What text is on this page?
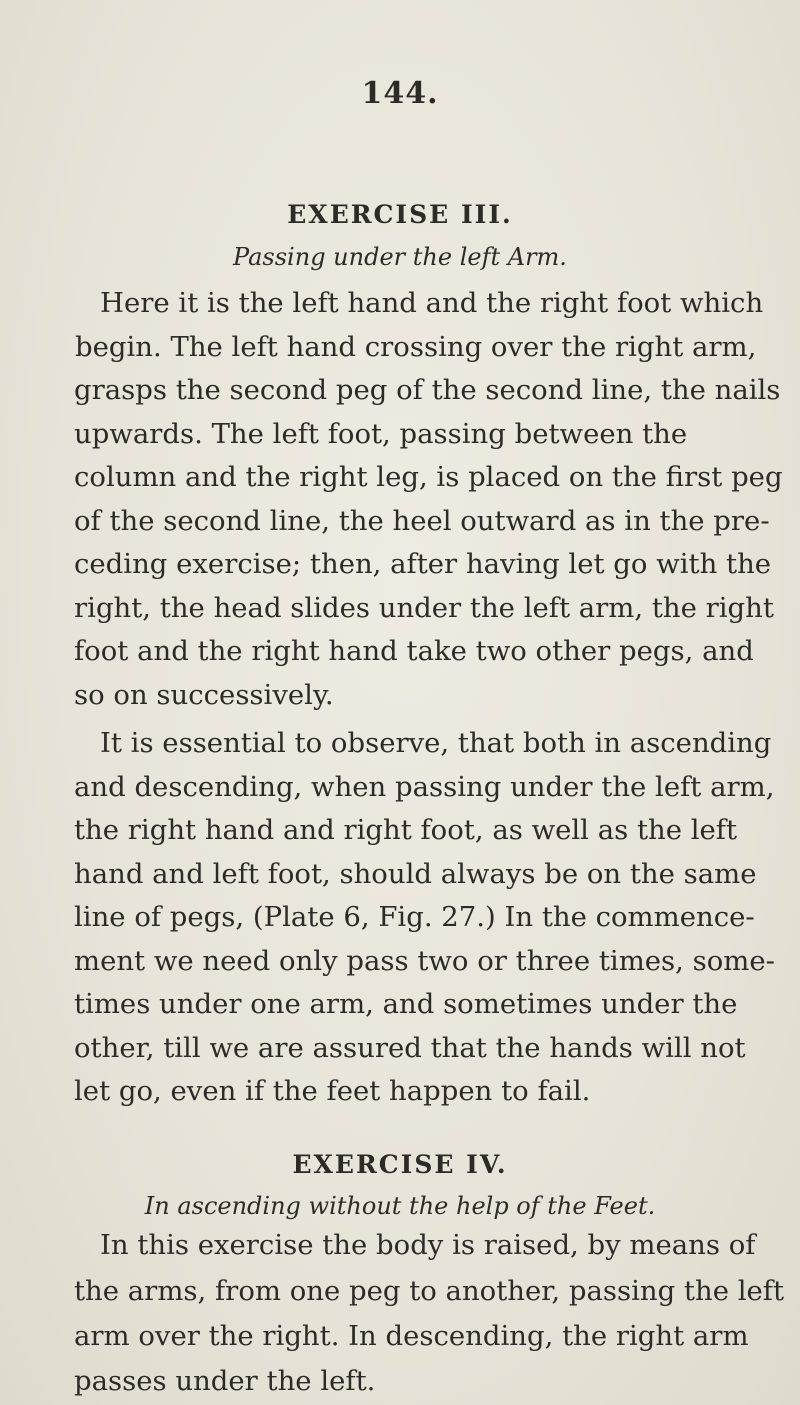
144.
EXERCISE III.
Passing under the left Arm.
Here it is the left hand and the right foot which
begin. The left hand crossing over the right arm,
grasps the second peg of the second line, the nails
upwards. The left foot, passing between the
column and the right leg, is placed on the first peg
of the second line, the heel outward as in the pre-
ceding exercise; then, after having let go with the
right, the head slides under the left arm, the right
foot and the right hand take two other pegs, and
so on successively.
It is essential to observe, that both in ascending
and descending, when passing under the left arm,
the right hand and right foot, as well as the left
hand and left foot, should always be on the same
line of pegs, (Plate 6, Fig. 27.) In the commence-
ment we need only pass two or three times, some-
times under one arm, and sometimes under the
other, till we are assured that the hands will not
let go, even if the feet happen to fail.
EXERCISE IV.
In ascending without the help of the Feet.
In this exercise the body is raised, by means of
the arms, from one peg to another, passing the left
arm over the right. In descending, the right arm
passes under the left.
